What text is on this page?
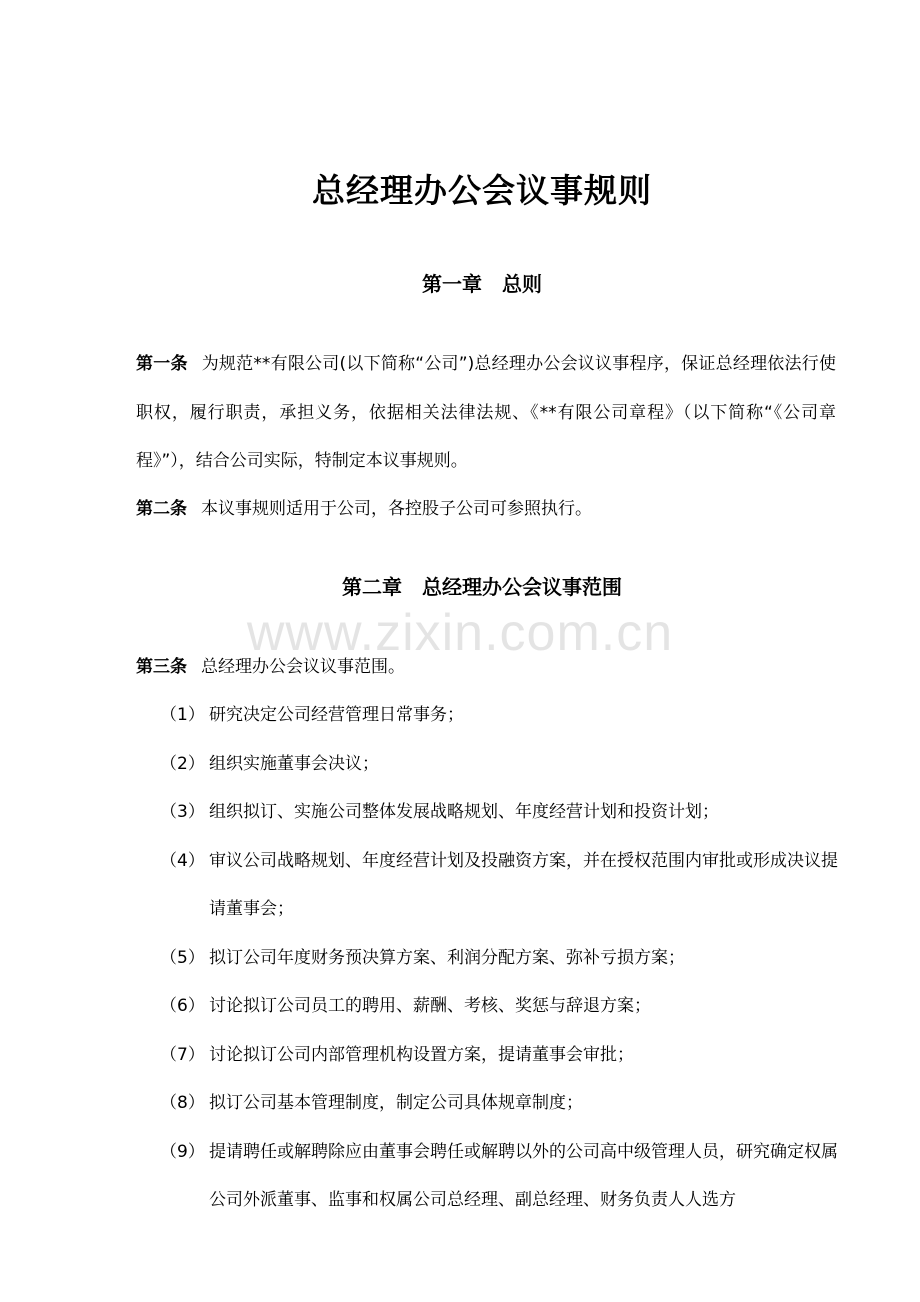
总经理办公会议事规则
第一章 总则
第一条 为规范**有限公司(以下简称“公司”)总经理办公会议议事程序，保证总经理依法行使职权，履行职责，承担义务，依据相关法律法规、《**有限公司章程》（以下简称“《公司章程》”），结合公司实际，特制定本议事规则。
第二条 本议事规则适用于公司，各控股子公司可参照执行。
第二章 总经理办公会议事范围
www.zixin.com.cn
第三条 总经理办公会议议事范围。
（1） 研究决定公司经营管理日常事务；
（2） 组织实施董事会决议；
（3） 组织拟订、实施公司整体发展战略规划、年度经营计划和投资计划；
（4） 审议公司战略规划、年度经营计划及投融资方案，并在授权范围内审批或形成决议提请董事会；
（5） 拟订公司年度财务预决算方案、利润分配方案、弥补亏损方案；
（6） 讨论拟订公司员工的聘用、薪酬、考核、奖惩与辞退方案；
（7） 讨论拟订公司内部管理机构设置方案，提请董事会审批；
（8） 拟订公司基本管理制度，制定公司具体规章制度；
（9） 提请聘任或解聘除应由董事会聘任或解聘以外的公司高中级管理人员，研究确定权属公司外派董事、监事和权属公司总经理、副总经理、财务负责人人选方
